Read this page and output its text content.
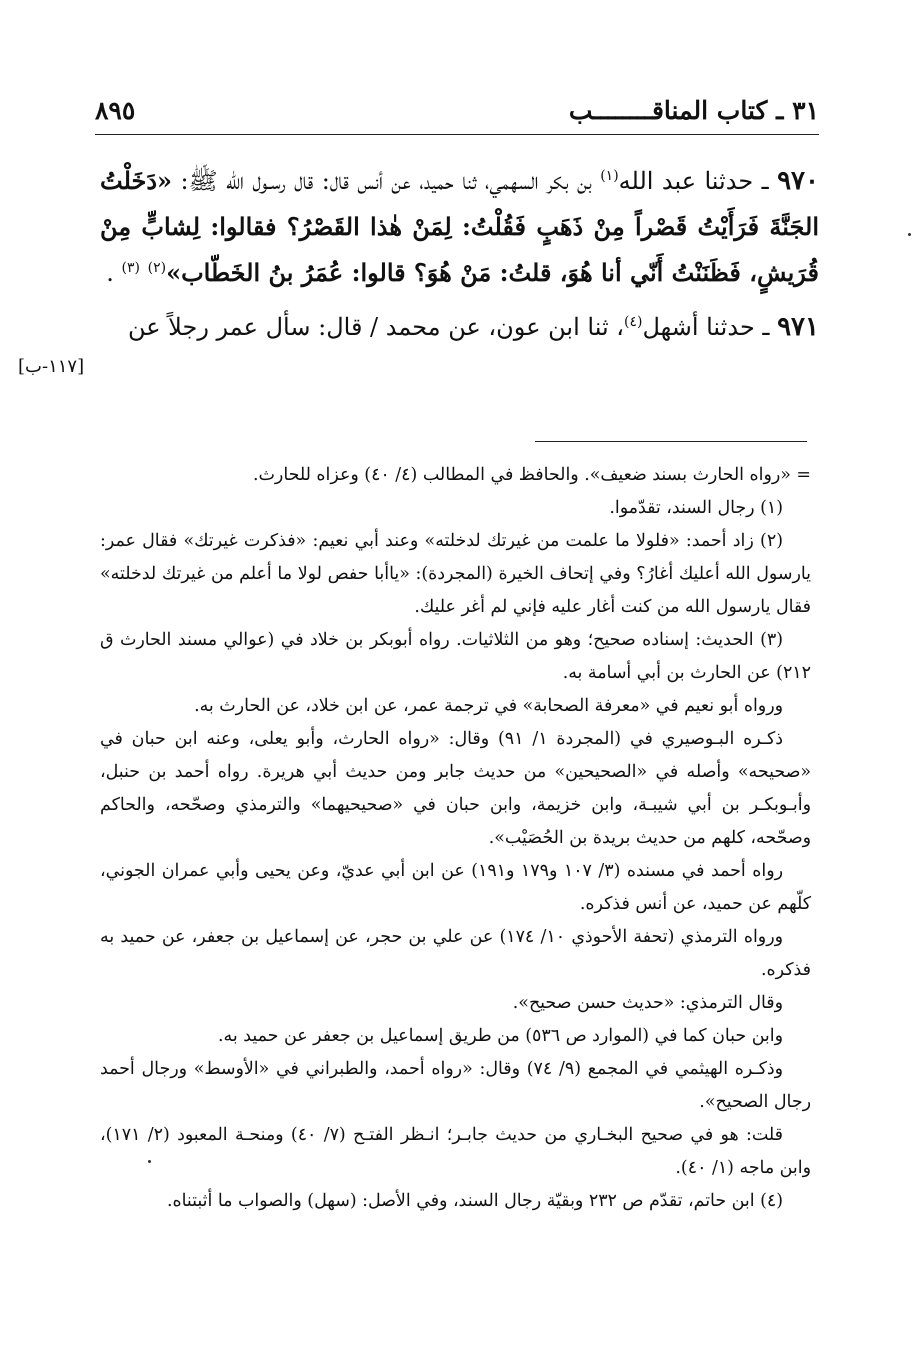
٣١ ـ كتاب المناقــــــــب
٨٩٥

٩٧٠ ـ حدثنا عبد الله$^{(١)}$ بن بكر السهمي، ثنا حميد، عن أنس قال: قال رسـول الله ﷺ: «دَخَلْتُ الجَنَّةَ فَرَأَيْتُ قَصْراً مِنْ ذَهَبٍ فَقُلْتُ: لِمَنْ هٰذا القَصْرُ؟ فقالوا: لِشابٍّ مِنْ قُرَيشٍ، فَظَنَنْتُ أَنّي أنا هُوَ، قلتُ: مَنْ هُوَ؟ قالوا: عُمَرُ بنُ الخَطّاب»$^{(٢)}$ $^{(٣)}$ .

٩٧١ ـ حدثنا أشهل$^{(٤)}$، ثنا ابن عون، عن محمد / قال: سأل عمر رجلاً عن

[١١٧-ب]

= «رواه الحارث بسند ضعيف». والحافظ في المطالب (٤/ ٤٠) وعزاه للحارث.

(١) رجال السند، تقدّموا.

(٢) زاد أحمد: «فلولا ما علمت من غيرتك لدخلته» وعند أبي نعيم: «فذكرت غيرتك» فقال عمر: يارسول الله أعليك أغارُ؟ وفي إتحاف الخيرة (المجردة): «ياأبا حفص لولا ما أعلم من غيرتك لدخلته» فقال يارسول الله من كنت أغار عليه فإني لم أغر عليك.

(٣) الحديث: إسناده صحيح؛ وهو من الثلاثيات. رواه أبوبكر بن خلاد في (عوالي مسند الحارث ق ٢١٢) عن الحارث بن أبي أسامة به.

ورواه أبو نعيم في «معرفة الصحابة» في ترجمة عمر، عن ابن خلاد، عن الحارث به.

ذكـره البـوصيري في (المجردة ١/ ٩١) وقال: «رواه الحارث، وأبو يعلى، وعنه ابن حبان في «صحيحه» وأصله في «الصحيحين» من حديث جابر ومن حديث أبي هريرة. رواه أحمد بن حنبل، وأبـوبكـر بن أبي شيبـة، وابن خزيمة، وابن حبان في «صحيحيهما» والترمذي وصحّحه، والحاكم وصحّحه، كلهم من حديث بريدة بن الحُصَيْب».

رواه أحمد في مسنده (٣/ ١٠٧ و١٧٩ و١٩١) عن ابن أبي عديّ، وعن يحيى وأبي عمران الجوني، كلّهم عن حميد، عن أنس فذكره.

ورواه الترمذي (تحفة الأحوذي ١٠/ ١٧٤) عن علي بن حجر، عن إسماعيل بن جعفر، عن حميد به فذكره.

وقال الترمذي: «حديث حسن صحيح».

وابن حبان كما في (الموارد ص ٥٣٦) من طريق إسماعيل بن جعفر عن حميد به.

وذكـره الهيثمي في المجمع (٩/ ٧٤) وقال: «رواه أحمد، والطبراني في «الأوسط» ورجال أحمد رجال الصحيح».

قلت: هو في صحيح البخـاري من حديث جابـر؛ انـظر الفتـح (٧/ ٤٠) ومنحـة المعبود (٢/ ١٧١)، وابن ماجه (١/ ٤٠).

(٤) ابن حاتم، تقدّم ص ٢٣٢ وبقيّة رجال السند، وفي الأصل: (سهل) والصواب ما أثبتناه.
